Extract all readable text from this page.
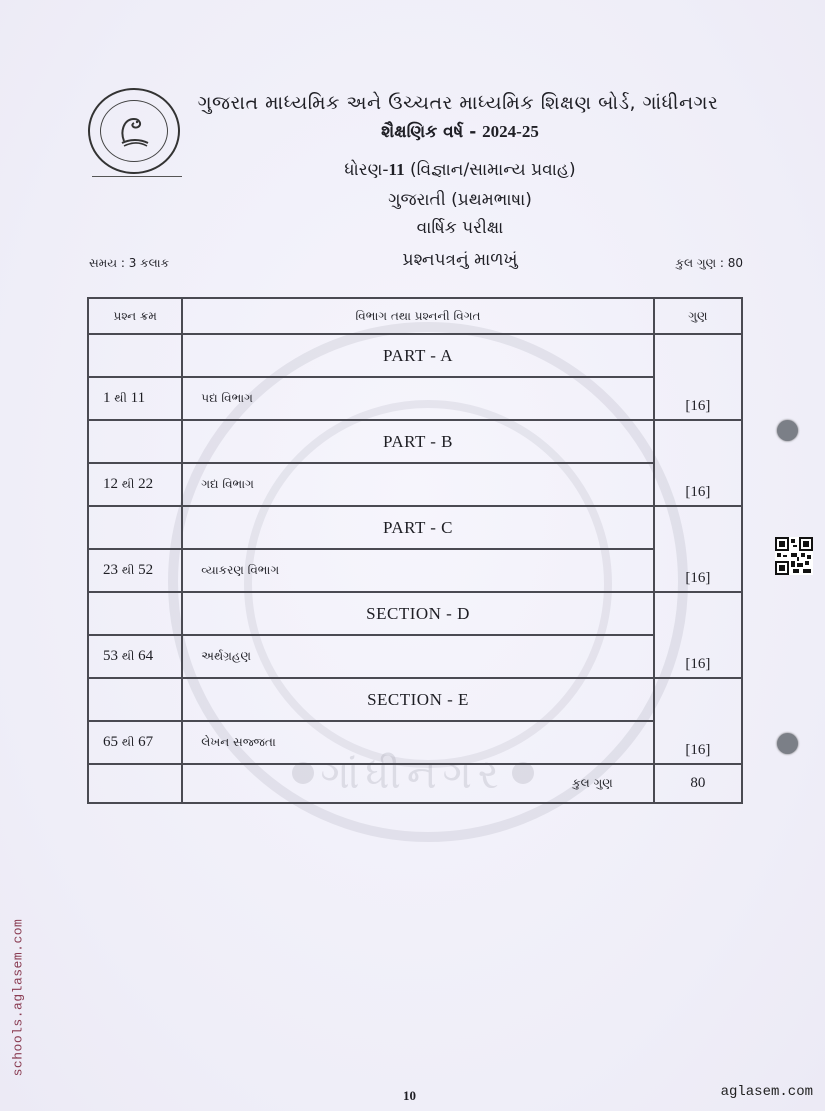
ગાંધીનગર
ગુજરાત માધ્યમિક અને ઉચ્ચતર માધ્યમિક શિક્ષણ બોર્ડ, ગાંધીનગર
શૈક્ષણિક વર્ષ - 2024-25
ધોરણ-11 (વિજ્ઞાન/સામાન્ય પ્રવાહ)
ગુજરાતી (પ્રથમભાષા)
વાર્ષિક પરીક્ષા
પ્રશ્નપત્રનું માળખું
સમય : 3 કલાક	કુલ ગુણ : 80
પ્રશ્ન ક્રમ	વિભાગ તથા પ્રશ્નની વિગત	ગુણ
	PART - A	[16]
1 થી 11	પદ્ય વિભાગ	
	PART - B	[16]
12 થી 22	ગદ્ય વિભાગ	
	PART - C	[16]
23 થી 52	વ્યાકરણ વિભાગ	
	SECTION - D	[16]
53 થી 64	અર્થગ્રહણ	
	SECTION - E	[16]
65 થી 67	લેખન સજ્જતા	
	કુલ ગુણ	80
schools.aglasem.com
10	aglasem.com
